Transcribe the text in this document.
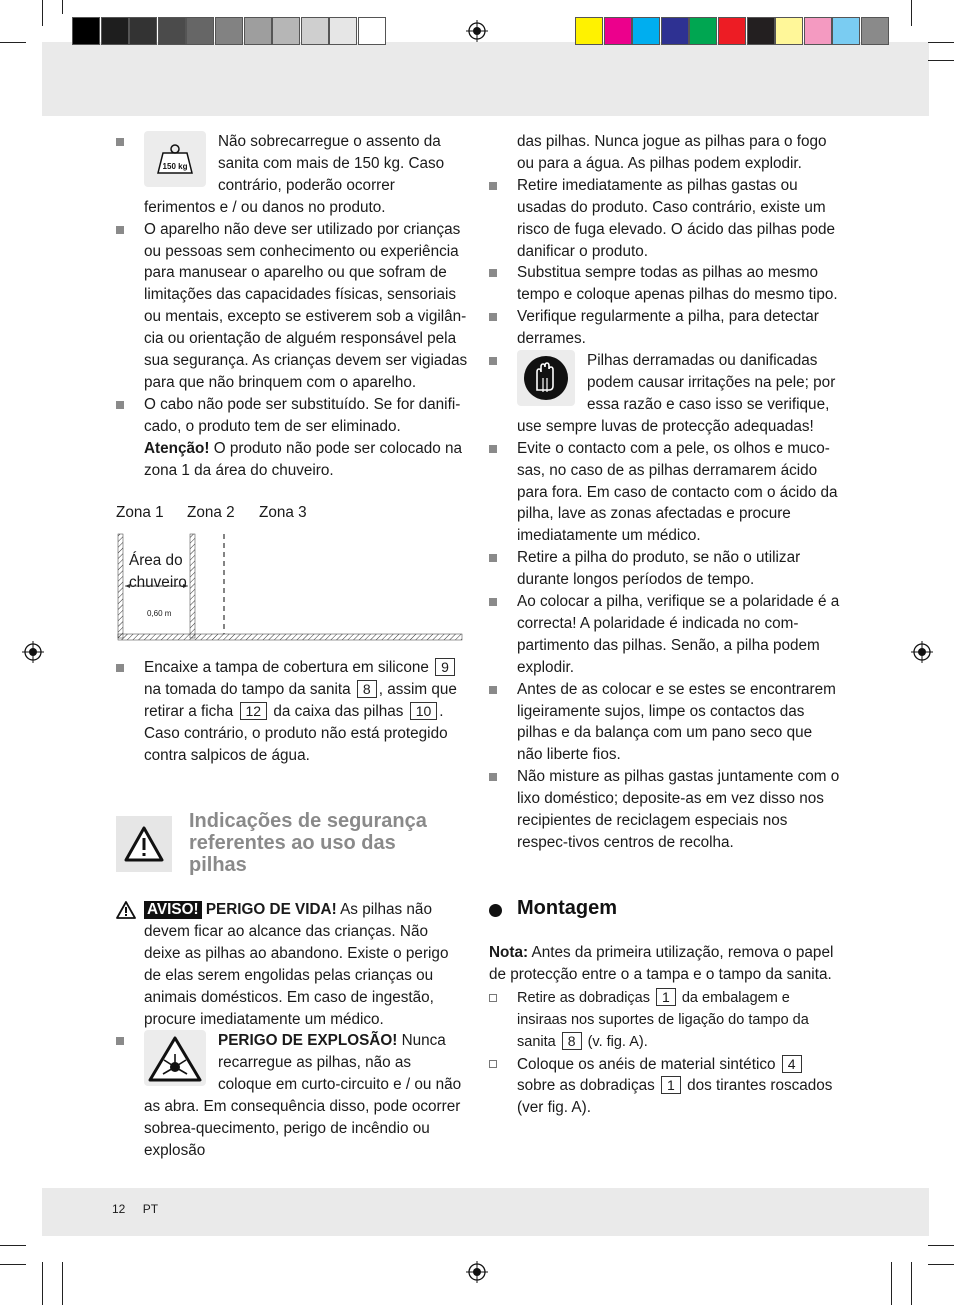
150 kg
Não sobrecarregue o assento da sanita com mais de 150 kg. Caso contrário, poderão ocorrer ferimentos e / ou danos no produto.
O aparelho não deve ser utilizado por crianças ou pessoas sem conhecimento ou experiência para manusear o aparelho ou que sofram de limitações das capacidades físicas, sensoriais ou mentais, excepto se estiverem sob a vigilân-cia ou orientação de alguém responsável pela sua segurança. As crianças devem ser vigiadas para que não brinquem com o aparelho.
O cabo não pode ser substituído. Se for danifi-cado, o produto tem de ser eliminado.
Atenção! O produto não pode ser colocado na zona 1 da área do chuveiro.
Zona 1 Zona 2 Zona 3
0,60 m
Área do
chuveiro
Encaixe a tampa de cobertura em silicone 9 na tomada do tampo da sanita 8 , assim que retirar a ficha 12 da caixa das pilhas 10 . Caso contrário, o produto não está protegido contra salpicos de água.
Indicações de segurança
referentes ao uso das
pilhas
AVISO! PERIGO DE VIDA! As pilhas não devem ficar ao alcance das crianças. Não deixe as pilhas ao abandono. Existe o perigo de elas serem engolidas pelas crianças ou animais domésticos. Em caso de ingestão, procure imediatamente um médico.
PERIGO DE EXPLOSÃO! Nunca recarregue as pilhas, não as coloque em curto-circuito e / ou não as abra. Em consequência disso, pode ocorrer sobrea-quecimento, perigo de incêndio ou explosão
das pilhas. Nunca jogue as pilhas para o fogo ou para a água. As pilhas podem explodir.
Retire imediatamente as pilhas gastas ou usadas do produto. Caso contrário, existe um risco de fuga elevado. O ácido das pilhas pode danificar o produto.
Substitua sempre todas as pilhas ao mesmo tempo e coloque apenas pilhas do mesmo tipo.
Verifique regularmente a pilha, para detectar derrames.
Pilhas derramadas ou danificadas podem causar irritações na pele; por essa razão e caso isso se verifique, use sempre luvas de protecção adequadas!
Evite o contacto com a pele, os olhos e muco-sas, no caso de as pilhas derramarem ácido para fora. Em caso de contacto com o ácido da pilha, lave as zonas afectadas e procure imediatamente um médico.
Retire a pilha do produto, se não o utilizar durante longos períodos de tempo.
Ao colocar a pilha, verifique se a polaridade é a correcta! A polaridade é indicada no com-partimento das pilhas. Senão, a pilha podem explodir.
Antes de as colocar e se estes se encontrarem ligeiramente sujos, limpe os contactos das pilhas e da balança com um pano seco que não liberte fios.
Não misture as pilhas gastas juntamente com o lixo doméstico; deposite-as em vez disso nos recipientes de reciclagem especiais nos respec-tivos centros de recolha.
Montagem
Nota: Antes da primeira utilização, remova o papel de protecção entre o a tampa e o tampo da sanita.
Retire as dobradiças 1 da embalagem e insiraas nos suportes de ligação do tampo da sanita 8 (v. fig. A).
Coloque os anéis de material sintético 4 sobre as dobradiças 1 dos tirantes roscados (ver fig. A).
12 PT
